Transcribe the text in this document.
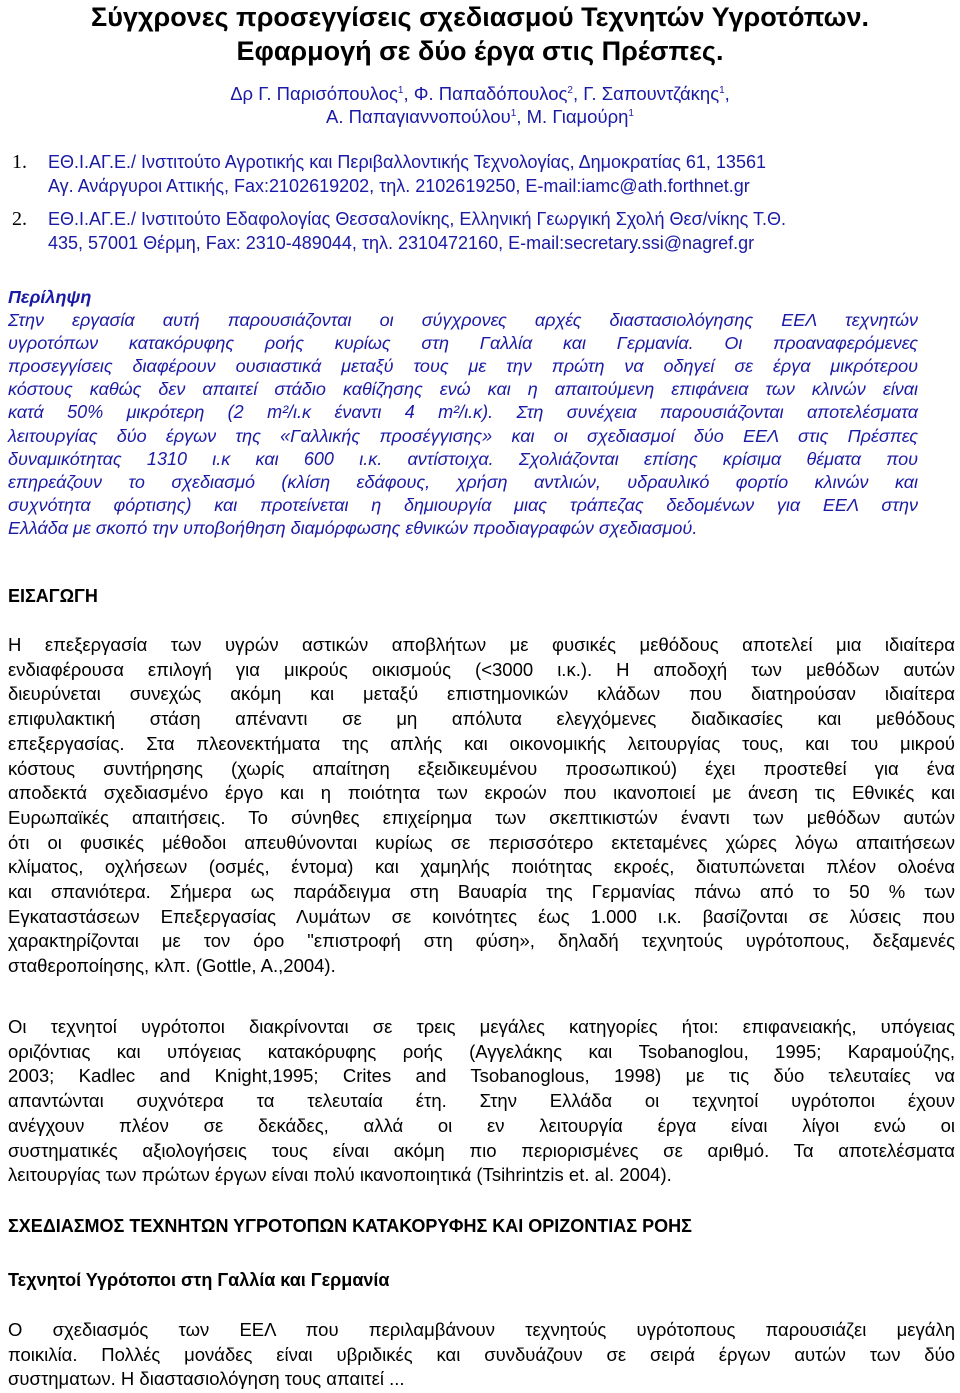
Σύγχρονες προσεγγίσεις σχεδιασμού Τεχνητών Υγροτόπων.
Εφαρμογή σε δύο έργα στις Πρέσπες.
Δρ Γ. Παρισόπουλος$^1$, Φ. Παπαδόπουλος$^2$, Γ. Σαπουντζάκης$^1$,
Α. Παπαγιαννοπούλου$^1$, Μ. Γιαμούρη$^1$
1. ΕΘ.Ι.ΑΓ.Ε./ Ινστιτούτο Αγροτικής και Περιβαλλοντικής Τεχνολογίας, Δημοκρατίας 61, 13561
Αγ. Ανάργυροι Αττικής, Fax:2102619202, τηλ. 2102619250, E-mail:iamc@ath.forthnet.gr
2. ΕΘ.Ι.ΑΓ.Ε./ Ινστιτούτο Εδαφολογίας Θεσσαλονίκης, Ελληνική Γεωργική Σχολή Θεσ/νίκης Τ.Θ.
435, 57001 Θέρμη, Fax: 2310-489044, τηλ. 2310472160, E-mail:secretary.ssi@nagref.gr
Περίληψη
Στην εργασία αυτή παρουσιάζονται οι σύγχρονες αρχές διαστασιολόγησης ΕΕΛ τεχνητών
υγροτόπων κατακόρυφης ροής κυρίως στη Γαλλία και Γερμανία. Οι προαναφερόμενες
προσεγγίσεις διαφέρουν ουσιαστικά μεταξύ τους με την πρώτη να οδηγεί σε έργα μικρότερου
κόστους καθώς δεν απαιτεί στάδιο καθίζησης ενώ και η απαιτούμενη επιφάνεια των κλινών είναι
κατά 50% μικρότερη (2 m²/ι.κ έναντι 4 m²/ι.κ). Στη συνέχεια παρουσιάζονται αποτελέσματα
λειτουργίας δύο έργων της «Γαλλικής προσέγγισης» και οι σχεδιασμοί δύο ΕΕΛ στις Πρέσπες
δυναμικότητας 1310 ι.κ και 600 ι.κ. αντίστοιχα. Σχολιάζονται επίσης κρίσιμα θέματα που
επηρεάζουν το σχεδιασμό (κλίση εδάφους, χρήση αντλιών, υδραυλικό φορτίο κλινών και
συχνότητα φόρτισης) και προτείνεται η δημιουργία μιας τράπεζας δεδομένων για ΕΕΛ στην
Ελλάδα με σκοπό την υποβοήθηση διαμόρφωσης εθνικών προδιαγραφών σχεδιασμού.
ΕΙΣΑΓΩΓΗ
Η επεξεργασία των υγρών αστικών αποβλήτων με φυσικές μεθόδους αποτελεί μια ιδιαίτερα
ενδιαφέρουσα επιλογή για μικρούς οικισμούς (<3000 ι.κ.). Η αποδοχή των μεθόδων αυτών
διευρύνεται συνεχώς ακόμη και μεταξύ επιστημονικών κλάδων που διατηρούσαν ιδιαίτερα
επιφυλακτική στάση απέναντι σε μη απόλυτα ελεγχόμενες διαδικασίες και μεθόδους
επεξεργασίας. Στα πλεονεκτήματα της απλής και οικονομικής λειτουργίας τους, και του μικρού
κόστους συντήρησης (χωρίς απαίτηση εξειδικευμένου προσωπικού) έχει προστεθεί για ένα
αποδεκτά σχεδιασμένο έργο και η ποιότητα των εκροών που ικανοποιεί με άνεση τις Εθνικές και
Ευρωπαϊκές απαιτήσεις. Το σύνηθες επιχείρημα των σκεπτικιστών έναντι των μεθόδων αυτών
ότι οι φυσικές μέθοδοι απευθύνονται κυρίως σε περισσότερο εκτεταμένες χώρες λόγω απαιτήσεων
κλίματος, οχλήσεων (οσμές, έντομα) και χαμηλής ποιότητας εκροές, διατυπώνεται πλέον ολοένα
και σπανιότερα. Σήμερα ως παράδειγμα στη Βαυαρία της Γερμανίας πάνω από το 50 % των
Εγκαταστάσεων Επεξεργασίας Λυμάτων σε κοινότητες έως 1.000 ι.κ. βασίζονται σε λύσεις που
χαρακτηρίζονται με τον όρο "επιστροφή στη φύση», δηλαδή τεχνητούς υγρότοπους, δεξαμενές
σταθεροποίησης, κλπ. (Gottle, A.,2004).
Οι τεχνητοί υγρότοποι διακρίνονται σε τρεις μεγάλες κατηγορίες ήτοι: επιφανειακής, υπόγειας
οριζόντιας και υπόγειας κατακόρυφης ροής (Αγγελάκης και Tsobanoglou, 1995; Καραμούζης,
2003; Kadlec and Knight,1995; Crites and Tsobanoglous, 1998) με τις δύο τελευταίες να
απαντώνται συχνότερα τα τελευταία έτη. Στην Ελλάδα οι τεχνητοί υγρότοποι έχουν
ανέγχουν πλέον σε δεκάδες, αλλά οι εν λειτουργία έργα είναι λίγοι ενώ οι
συστηματικές αξιολογήσεις τους είναι ακόμη πιο περιορισμένες σε αριθμό. Τα αποτελέσματα
λειτουργίας των πρώτων έργων είναι πολύ ικανοποιητικά (Tsihrintzis et. al. 2004).
ΣΧΕΔΙΑΣΜΟΣ ΤΕΧΝΗΤΩΝ ΥΓΡΟΤΟΠΩΝ ΚΑΤΑΚΟΡΥΦΗΣ ΚΑΙ ΟΡΙΖΟΝΤΙΑΣ ΡΟΗΣ
Τεχνητοί Υγρότοποι στη Γαλλία και Γερμανία
Ο σχεδιασμός των ΕΕΛ που περιλαμβάνουν τεχνητούς υγρότοπους παρουσιάζει μεγάλη
ποικιλία. Πολλές μονάδες είναι υβριδικές και συνδυάζουν σε σειρά έργων αυτών των δύο
συστηματων. Η διαστασιολόγηση τους απαιτεί ...
